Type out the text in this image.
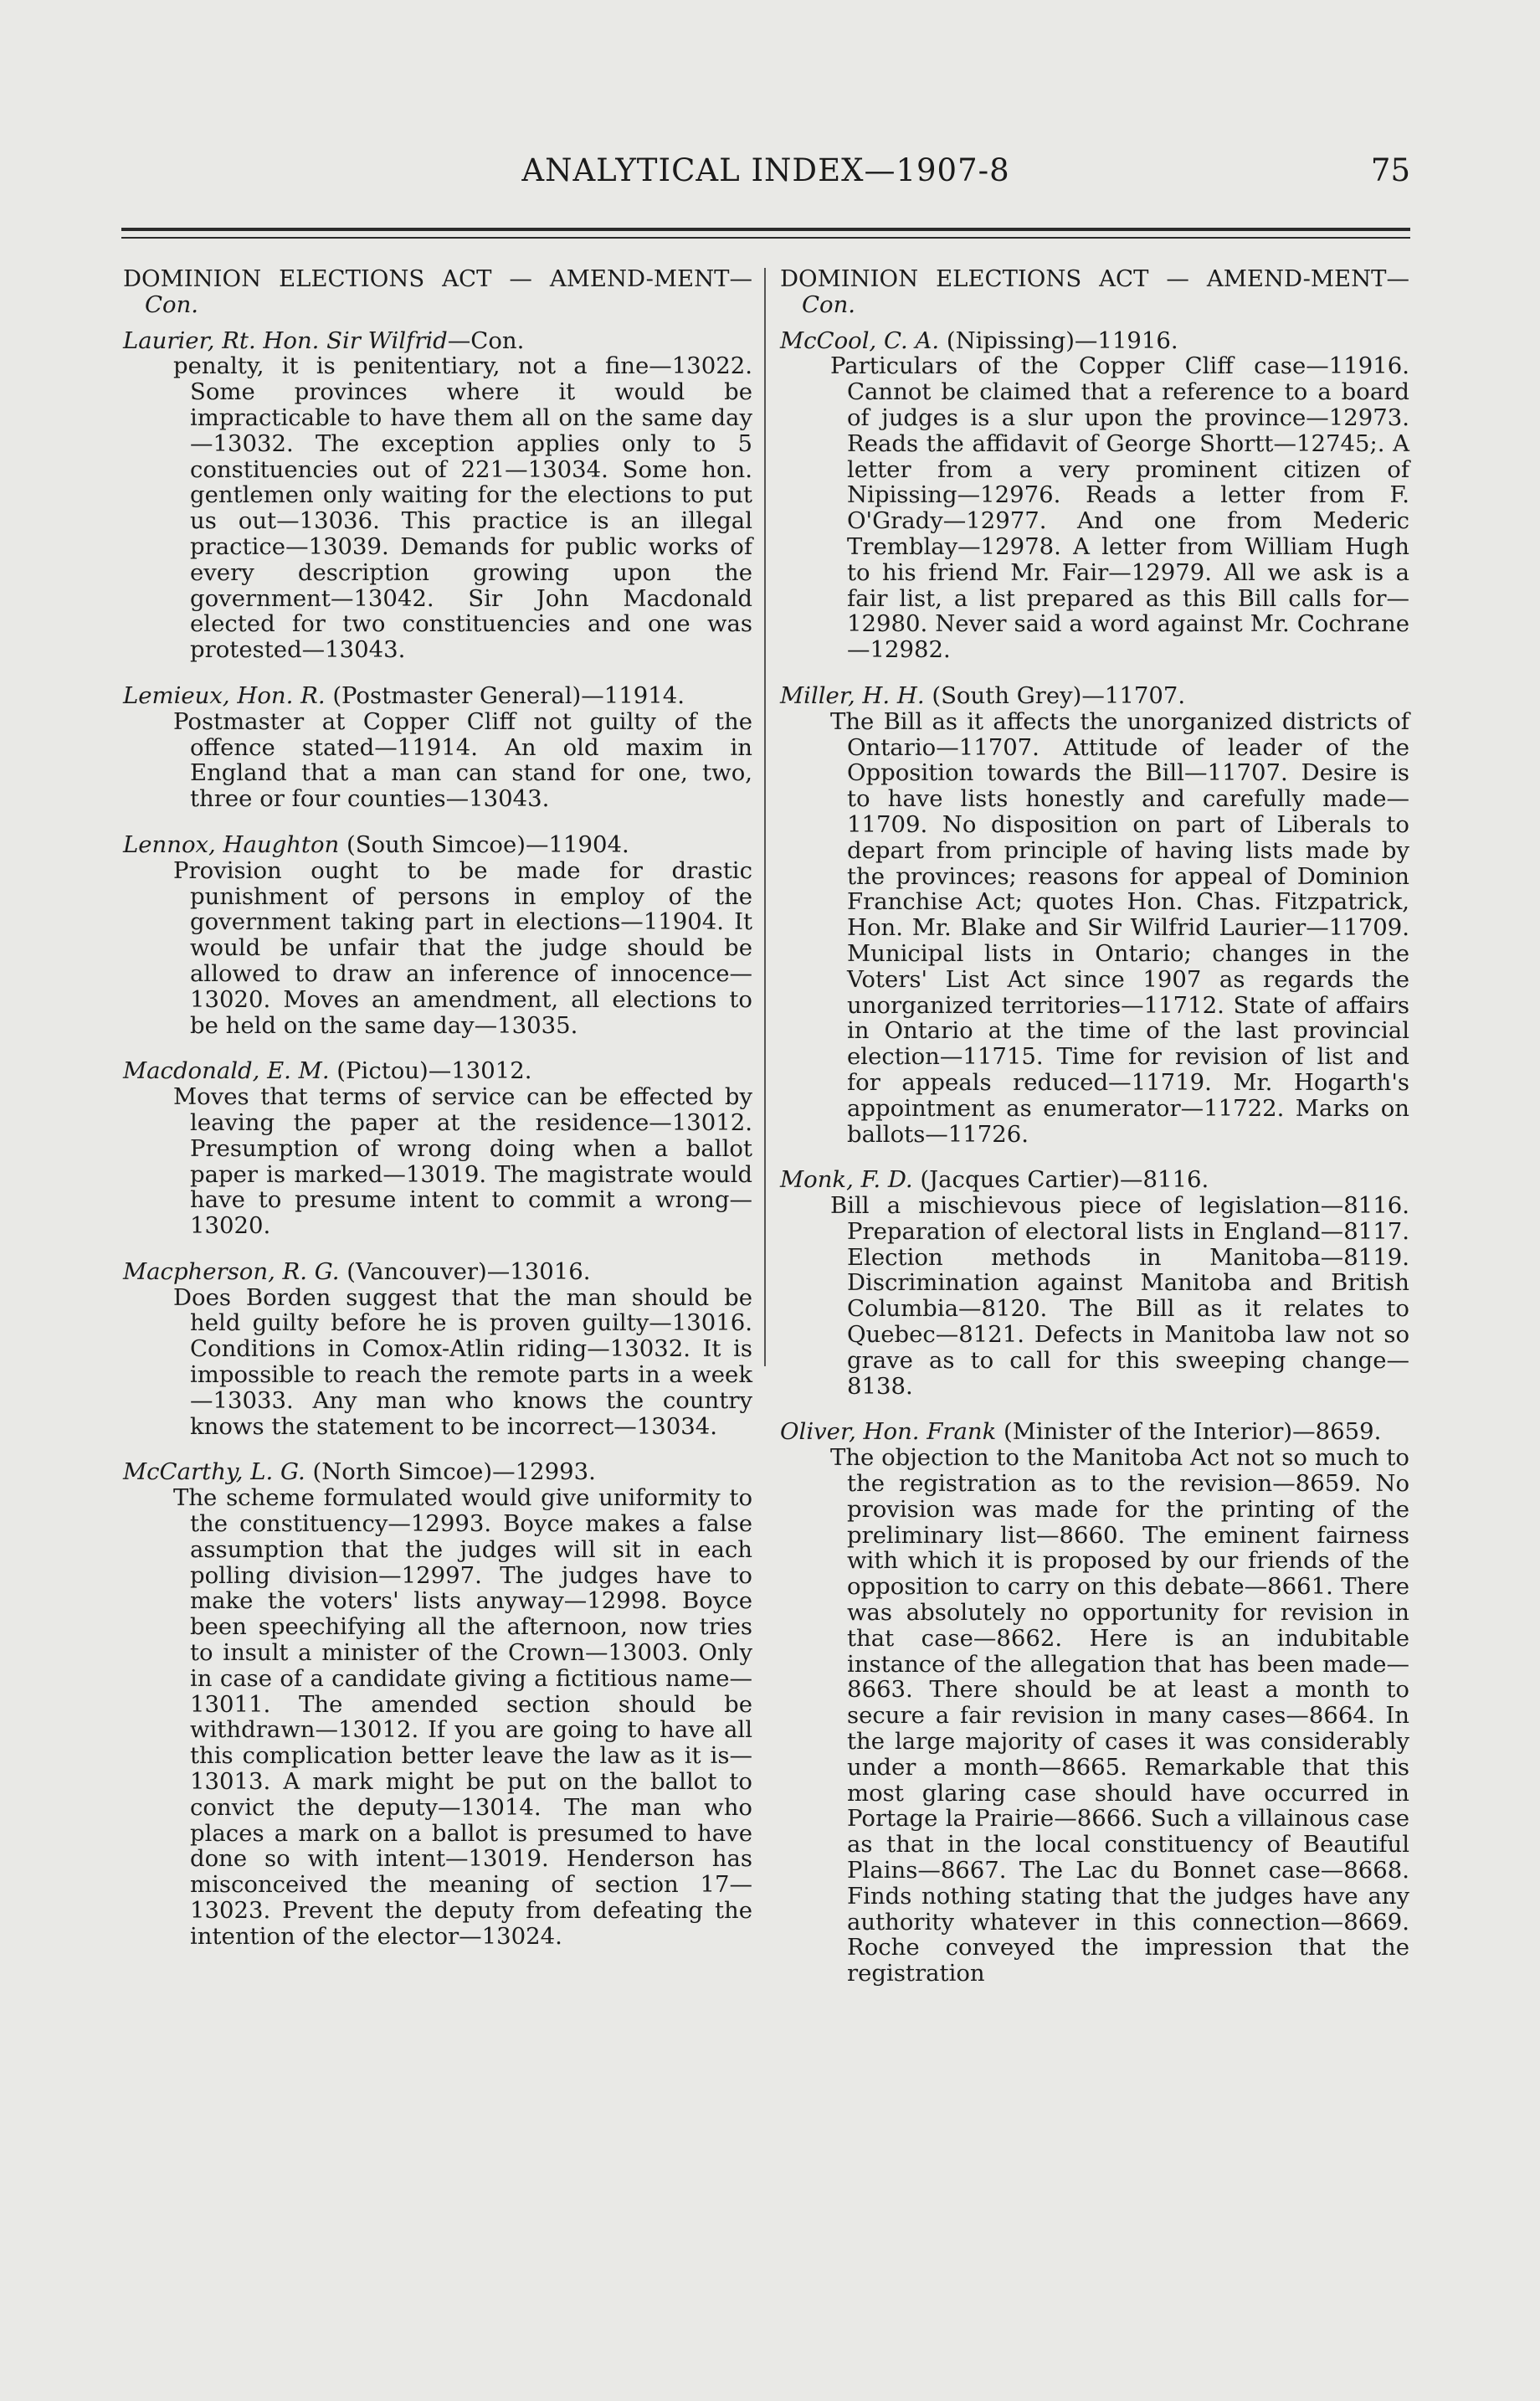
ANALYTICAL INDEX—1907-8	75

DOMINION ELECTIONS ACT — AMEND-MENT—Con.

Laurier, Rt. Hon. Sir Wilfrid—Con.

penalty, it is penitentiary, not a fine—13022. Some provinces where it would be impracticable to have them all on the same day—13032. The exception applies only to 5 constituencies out of 221—13034. Some hon. gentlemen only waiting for the elections to put us out—13036. This practice is an illegal practice—13039. Demands for public works of every description growing upon the government—13042. Sir John Macdonald elected for two constituencies and one was protested—13043.

Lemieux, Hon. R. (Postmaster General)—11914.

Postmaster at Copper Cliff not guilty of the offence stated—11914. An old maxim in England that a man can stand for one, two, three or four counties—13043.

Lennox, Haughton (South Simcoe)—11904.

Provision ought to be made for drastic punishment of persons in employ of the government taking part in elections—11904. It would be unfair that the judge should be allowed to draw an inference of innocence—13020. Moves an amendment, all elections to be held on the same day—13035.

Macdonald, E. M. (Pictou)—13012.

Moves that terms of service can be effected by leaving the paper at the residence—13012. Presumption of wrong doing when a ballot paper is marked—13019. The magistrate would have to presume intent to commit a wrong—13020.

Macpherson, R. G. (Vancouver)—13016.

Does Borden suggest that the man should be held guilty before he is proven guilty—13016. Conditions in Comox-Atlin riding—13032. It is impossible to reach the remote parts in a week—13033. Any man who knows the country knows the statement to be incorrect—13034.

McCarthy, L. G. (North Simcoe)—12993.

The scheme formulated would give uniformity to the constituency—12993. Boyce makes a false assumption that the judges will sit in each polling division—12997. The judges have to make the voters' lists anyway—12998. Boyce been speechifying all the afternoon, now tries to insult a minister of the Crown—13003. Only in case of a candidate giving a fictitious name—13011. The amended section should be withdrawn—13012. If you are going to have all this complication better leave the law as it is—13013. A mark might be put on the ballot to convict the deputy—13014. The man who places a mark on a ballot is presumed to have done so with intent—13019. Henderson has misconceived the meaning of section 17—13023. Prevent the deputy from defeating the intention of the elector—13024.

DOMINION ELECTIONS ACT — AMEND-MENT—Con.

McCool, C. A. (Nipissing)—11916.

Particulars of the Copper Cliff case—11916. Cannot be claimed that a reference to a board of judges is a slur upon the province—12973. Reads the affidavit of George Shortt—12745;. A letter from a very prominent citizen of Nipissing—12976. Reads a letter from F. O'Grady—12977. And one from Mederic Tremblay—12978. A letter from William Hugh to his friend Mr. Fair—12979. All we ask is a fair list, a list prepared as this Bill calls for—12980. Never said a word against Mr. Cochrane—12982.

Miller, H. H. (South Grey)—11707.

The Bill as it affects the unorganized districts of Ontario—11707. Attitude of leader of the Opposition towards the Bill—11707. Desire is to have lists honestly and carefully made—11709. No disposition on part of Liberals to depart from principle of having lists made by the provinces; reasons for appeal of Dominion Franchise Act; quotes Hon. Chas. Fitzpatrick, Hon. Mr. Blake and Sir Wilfrid Laurier—11709. Municipal lists in Ontario; changes in the Voters' List Act since 1907 as regards the unorganized territories—11712. State of affairs in Ontario at the time of the last provincial election—11715. Time for revision of list and for appeals reduced—11719. Mr. Hogarth's appointment as enumerator—11722. Marks on ballots—11726.

Monk, F. D. (Jacques Cartier)—8116.

Bill a mischievous piece of legislation—8116. Preparation of electoral lists in England—8117. Election methods in Manitoba—8119. Discrimination against Manitoba and British Columbia—8120. The Bill as it relates to Quebec—8121. Defects in Manitoba law not so grave as to call for this sweeping change—8138.

Oliver, Hon. Frank (Minister of the Interior)—8659.

The objection to the Manitoba Act not so much to the registration as to the revision—8659. No provision was made for the printing of the preliminary list—8660. The eminent fairness with which it is proposed by our friends of the opposition to carry on this debate—8661. There was absolutely no opportunity for revision in that case—8662. Here is an indubitable instance of the allegation that has been made—8663. There should be at least a month to secure a fair revision in many cases—8664. In the large majority of cases it was considerably under a month—8665. Remarkable that this most glaring case should have occurred in Portage la Prairie—8666. Such a villainous case as that in the local constituency of Beautiful Plains—8667. The Lac du Bonnet case—8668. Finds nothing stating that the judges have any authority whatever in this connection—8669. Roche conveyed the impression that the registration
